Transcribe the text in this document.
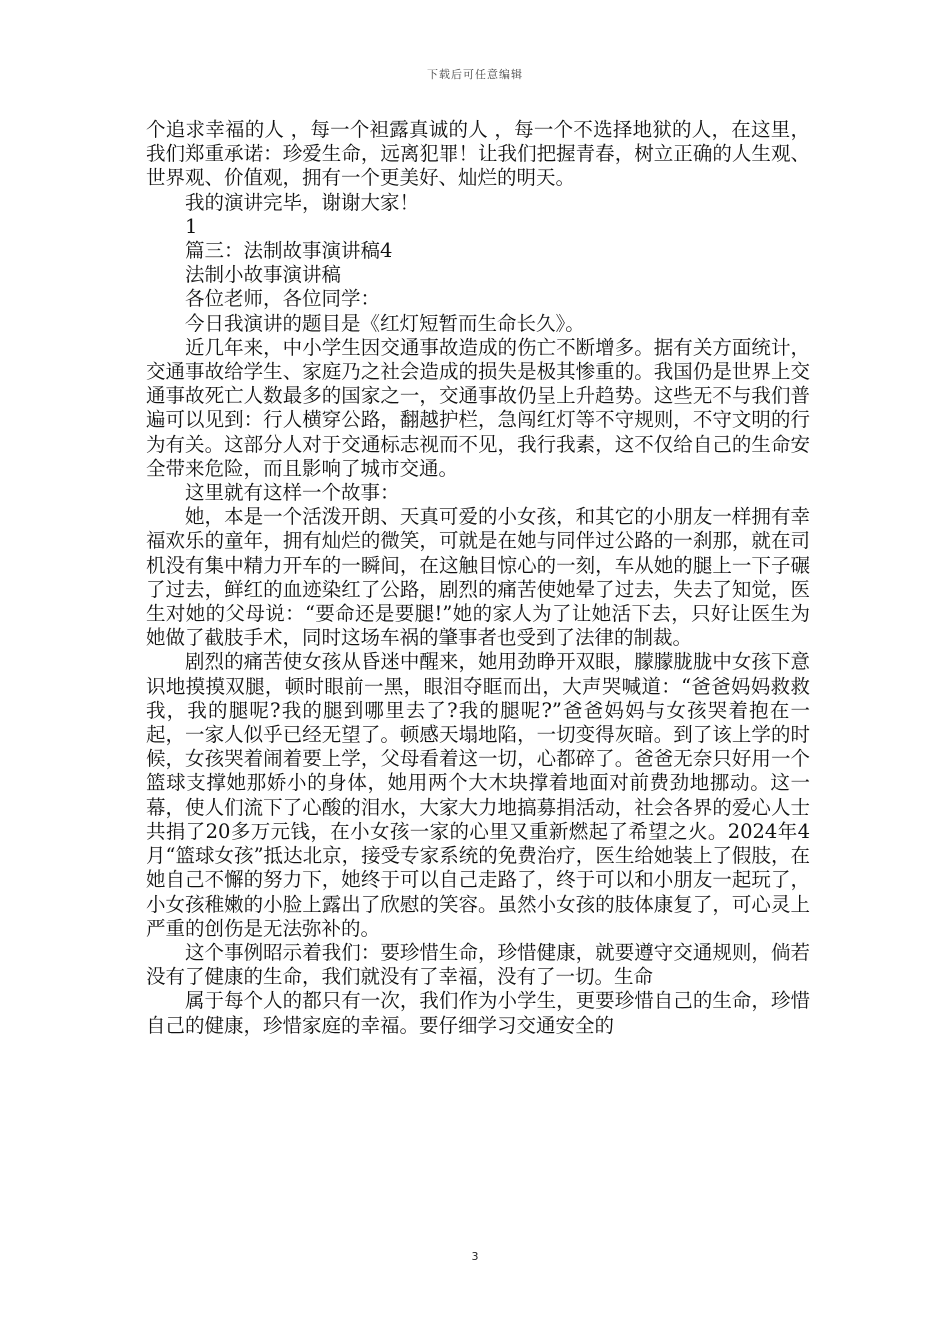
下载后可任意编辑

个追求幸福的人 ，每一个袒露真诚的人 ，每一个不选择地狱的人，在这里，我们郑重承诺：珍爱生命，远离犯罪！让我们把握青春，树立正确的人生观、世界观、价值观，拥有一个更美好、灿烂的明天。

我的演讲完毕，谢谢大家！

1

篇三：法制故事演讲稿4

法制小故事演讲稿

各位老师，各位同学：

今日我演讲的题目是《红灯短暂而生命长久》。

近几年来，中小学生因交通事故造成的伤亡不断增多。据有关方面统计，交通事故给学生、家庭乃之社会造成的损失是极其惨重的。我国仍是世界上交通事故死亡人数最多的国家之一，交通事故仍呈上升趋势。这些无不与我们普遍可以见到：行人横穿公路，翻越护栏，急闯红灯等不守规则，不守文明的行为有关。这部分人对于交通标志视而不见，我行我素，这不仅给自己的生命安全带来危险，而且影响了城市交通。

这里就有这样一个故事：

她，本是一个活泼开朗、天真可爱的小女孩，和其它的小朋友一样拥有幸福欢乐的童年，拥有灿烂的微笑，可就是在她与同伴过公路的一刹那，就在司机没有集中精力开车的一瞬间，在这触目惊心的一刻，车从她的腿上一下子碾了过去，鲜红的血迹染红了公路，剧烈的痛苦使她晕了过去，失去了知觉，医生对她的父母说：“要命还是要腿!”她的家人为了让她活下去，只好让医生为她做了截肢手术，同时这场车祸的肇事者也受到了法律的制裁。

剧烈的痛苦使女孩从昏迷中醒来，她用劲睁开双眼，朦朦胧胧中女孩下意识地摸摸双腿，顿时眼前一黑，眼泪夺眶而出，大声哭喊道：“爸爸妈妈救救我，我的腿呢?我的腿到哪里去了?我的腿呢?”爸爸妈妈与女孩哭着抱在一起，一家人似乎已经无望了。顿感天塌地陷，一切变得灰暗。到了该上学的时候，女孩哭着闹着要上学，父母看着这一切，心都碎了。爸爸无奈只好用一个篮球支撑她那娇小的身体，她用两个大木块撑着地面对前费劲地挪动。这一幕，使人们流下了心酸的泪水，大家大力地搞募捐活动，社会各界的爱心人士共捐了20多万元钱，在小女孩一家的心里又重新燃起了希望之火。2024年4月“篮球女孩”抵达北京，接受专家系统的免费治疗，医生给她装上了假肢，在她自己不懈的努力下，她终于可以自己走路了，终于可以和小朋友一起玩了，小女孩稚嫩的小脸上露出了欣慰的笑容。虽然小女孩的肢体康复了，可心灵上严重的创伤是无法弥补的。

这个事例昭示着我们：要珍惜生命，珍惜健康，就要遵守交通规则，倘若没有了健康的生命，我们就没有了幸福，没有了一切。生命

属于每个人的都只有一次，我们作为小学生，更要珍惜自己的生命，珍惜自己的健康，珍惜家庭的幸福。要仔细学习交通安全的

3
